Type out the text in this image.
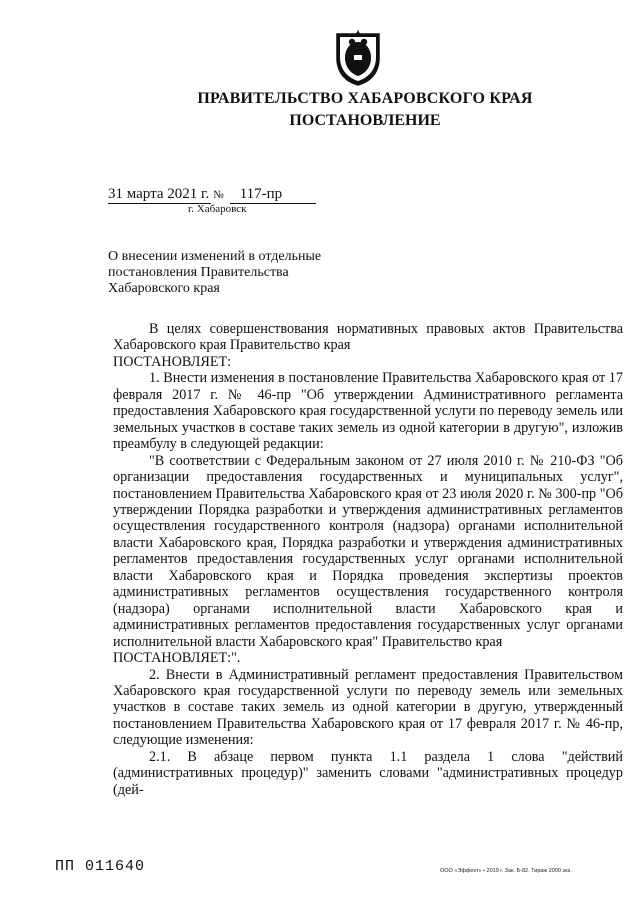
ПРАВИТЕЛЬСТВО ХАБАРОВСКОГО КРАЯ
ПОСТАНОВЛЕНИЕ
31 марта 2021 г. № 117-пр
г. Хабаровск
О внесении изменений в отдельные постановления Правительства Хабаровского края

В целях совершенствования нормативных правовых актов Правительства Хабаровского края Правительство края

ПОСТАНОВЛЯЕТ:

1. Внести изменения в постановление Правительства Хабаровского края от 17 февраля 2017 г. № 46-пр "Об утверждении Административного регламента предоставления Хабаровского края государственной услуги по переводу земель или земельных участков в составе таких земель из одной категории в другую", изложив преамбулу в следующей редакции:

"В соответствии с Федеральным законом от 27 июля 2010 г. № 210-ФЗ "Об организации предоставления государственных и муниципальных услуг", постановлением Правительства Хабаровского края от 23 июля 2020 г. № 300-пр "Об утверждении Порядка разработки и утверждения административных регламентов осуществления государственного контроля (надзора) органами исполнительной власти Хабаровского края, Порядка разработки и утверждения административных регламентов предоставления государственных услуг органами исполнительной власти Хабаровского края и Порядка проведения экспертизы проектов административных регламентов осуществления государственного контроля (надзора) органами исполнительной власти Хабаровского края и административных регламентов предоставления государственных услуг органами исполнительной власти Хабаровского края" Правительство края

ПОСТАНОВЛЯЕТ:".

2. Внести в Административный регламент предоставления Правительством Хабаровского края государственной услуги по переводу земель или земельных участков в составе таких земель из одной категории в другую, утвержденный постановлением Правительства Хабаровского края от 17 февраля 2017 г. № 46-пр, следующие изменения:

2.1. В абзаце первом пункта 1.1 раздела 1 слова "действий (административных процедур)" заменить словами "административных процедур (дей-

ПП 011640	ООО «Эффект» • 2019 г. Зак. Б-82. Тираж 2000 экз.
